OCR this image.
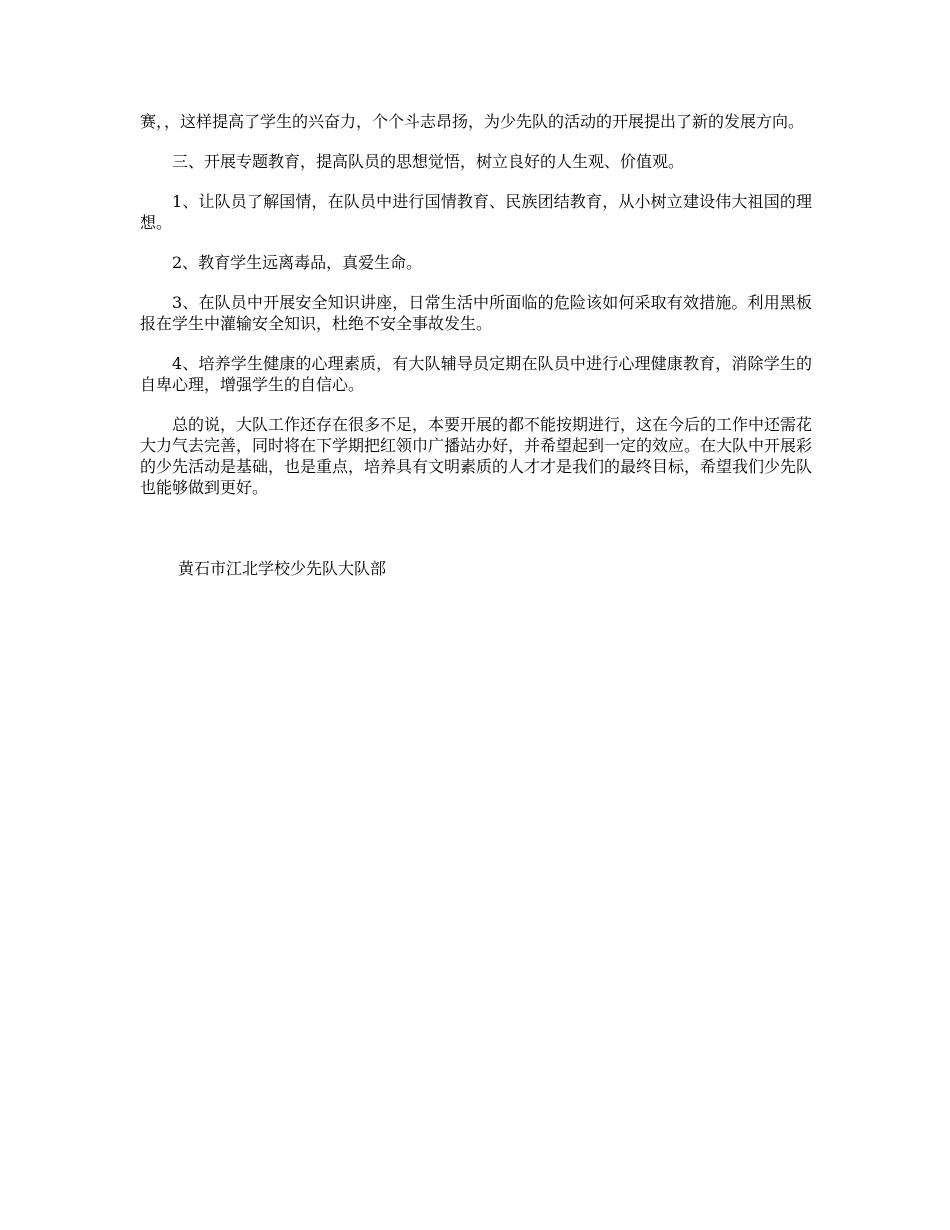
赛，，这样提高了学生的兴奋力，个个斗志昂扬，为少先队的活动的开展提出了新的发展方向。

三、开展专题教育，提高队员的思想觉悟，树立良好的人生观、价值观。

1、让队员了解国情，在队员中进行国情教育、民族团结教育，从小树立建设伟大祖国的理想。

2、教育学生远离毒品，真爱生命。

3、在队员中开展安全知识讲座，日常生活中所面临的危险该如何采取有效措施。利用黑板报在学生中灌输安全知识，杜绝不安全事故发生。

4、培养学生健康的心理素质，有大队辅导员定期在队员中进行心理健康教育，消除学生的自卑心理，增强学生的自信心。

总的说，大队工作还存在很多不足，本要开展的都不能按期进行，这在今后的工作中还需花大力气去完善，同时将在下学期把红领巾广播站办好，并希望起到一定的效应。在大队中开展彩的少先活动是基础，也是重点，培养具有文明素质的人才才是我们的最终目标，希望我们少先队也能够做到更好。

黄石市江北学校少先队大队部
